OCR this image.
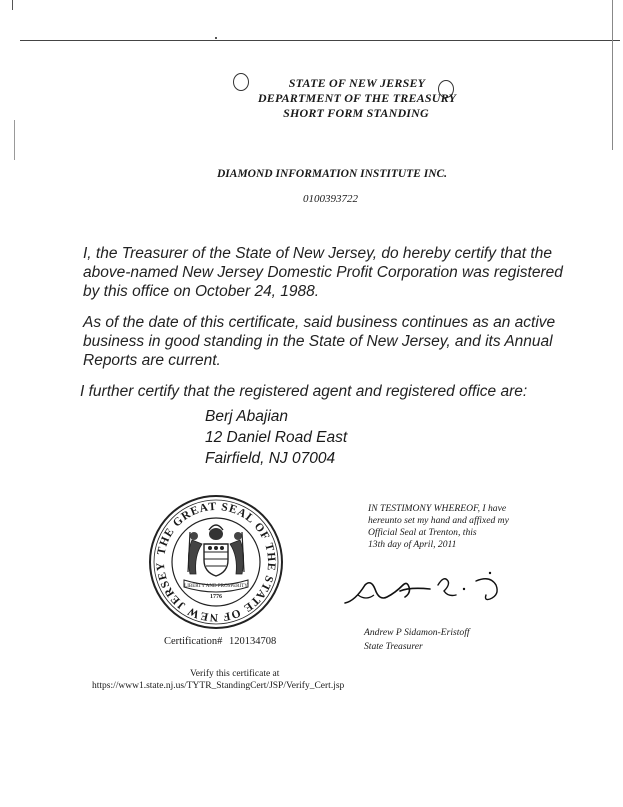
STATE OF NEW JERSEY
DEPARTMENT OF THE TREASURY
SHORT FORM STANDING
DIAMOND INFORMATION INSTITUTE INC.
0100393722
I, the Treasurer of the State of New Jersey, do hereby certify that the above-named New Jersey Domestic Profit Corporation was registered by this office on October 24, 1988.
As of the date of this certificate, said business continues as an active business in good standing in the State of New Jersey, and its Annual Reports are current.
I further certify that the registered agent and registered office are:
Berj Abajian
12 Daniel Road East
Fairfield, NJ 07004
THE GREAT SEAL OF THE STATE OF NEW JERSEY
LIBERTY AND PROSPERITY
1776
IN TESTIMONY WHEREOF, I have
hereunto set my hand and affixed my
Official Seal at Trenton, this
13th day of April, 2011
Andrew P Sidamon-Eristoff
State Treasurer
Certification# 120134708
Verify this certificate at
https://www1.state.nj.us/TYTR_StandingCert/JSP/Verify_Cert.jsp
